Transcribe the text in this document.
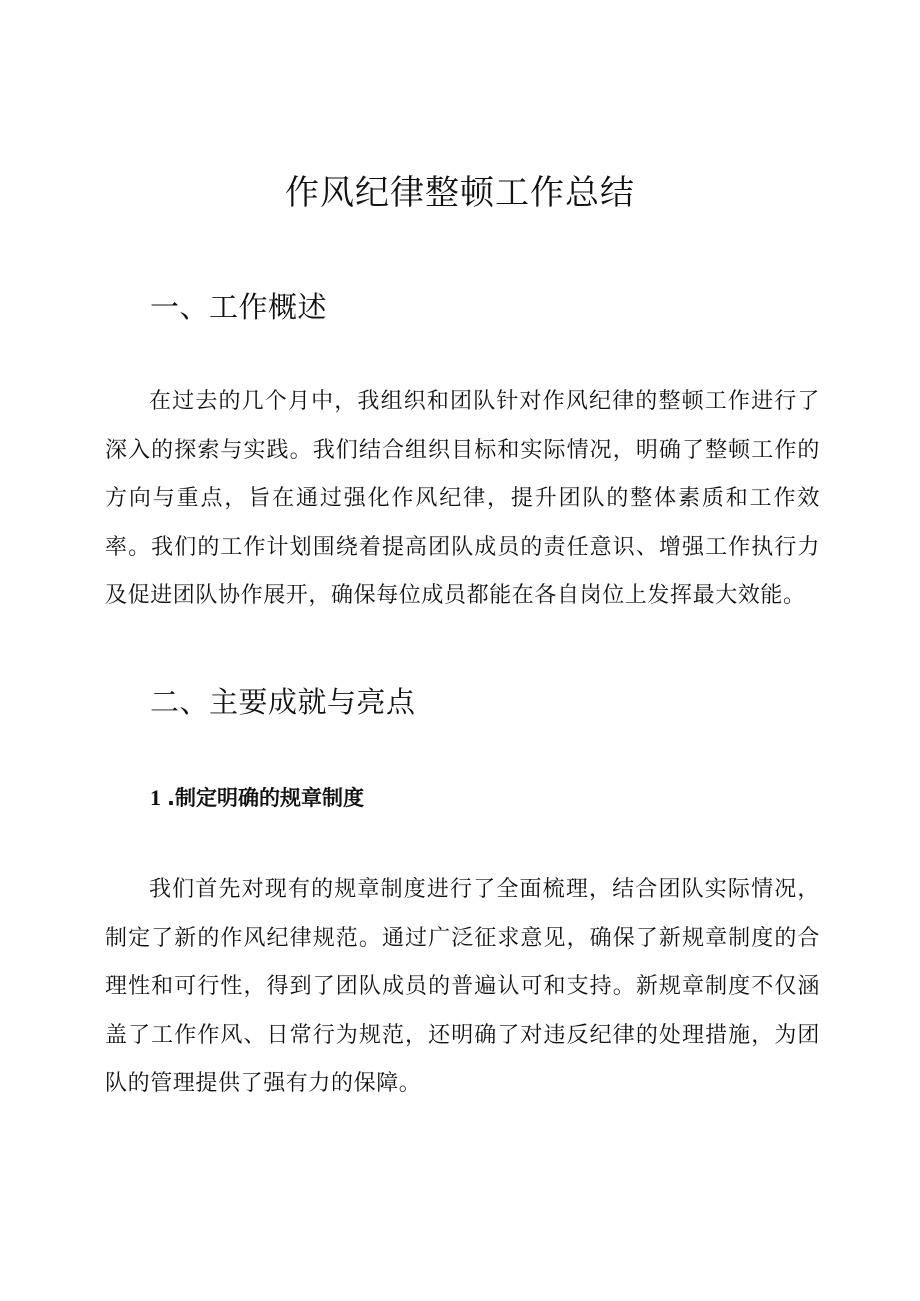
作风纪律整顿工作总结
一、工作概述

在过去的几个月中，我组织和团队针对作风纪律的整顿工作进行了深入的探索与实践。我们结合组织目标和实际情况，明确了整顿工作的方向与重点，旨在通过强化作风纪律，提升团队的整体素质和工作效率。我们的工作计划围绕着提高团队成员的责任意识、增强工作执行力及促进团队协作展开，确保每位成员都能在各自岗位上发挥最大效能。

二、主要成就与亮点
1 .制定明确的规章制度

我们首先对现有的规章制度进行了全面梳理，结合团队实际情况，制定了新的作风纪律规范。通过广泛征求意见，确保了新规章制度的合理性和可行性，得到了团队成员的普遍认可和支持。新规章制度不仅涵盖了工作作风、日常行为规范，还明确了对违反纪律的处理措施，为团队的管理提供了强有力的保障。
